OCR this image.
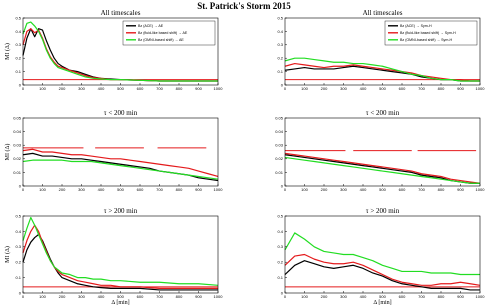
St. Patrick's Storm 2015
All timescales
0	100	200	300	400	500	600	700	800	900	1000
0
0.1
0.2
0.3
0.4
0.5
MI (Δ)
Bz (ACE) → AE
Bz (fluid-like based shift) → AE
Bz (OMNI-based shift) → AE
All timescales
0	100	200	300	400	500	600	700	800	900	1000
0
0.1
0.2
0.3
0.4
0.5
Bz (ACE) → Sym-H
Bz (fluid-like based shift) → Sym-H
Bz (OMNI-based shift) → Sym-H
τ < 200 min
0	100	200	300	400	500	600	700	800	900	1000
0
0.01
0.02
0.03
0.04
0.05
MI (Δ)
τ < 200 min
0	100	200	300	400	500	600	700	800	900	1000
0
0.01
0.02
0.03
0.04
0.05
τ > 200 min
0	100	200	300	400	500	600	700	800	900	1000
0
0.1
0.2
0.3
0.4
0.5
MI (Δ)
Δ [min]
τ > 200 min
0	100	200	300	400	500	600	700	800	900	1000
0
0.1
0.2
0.3
0.4
0.5
Δ [min]
